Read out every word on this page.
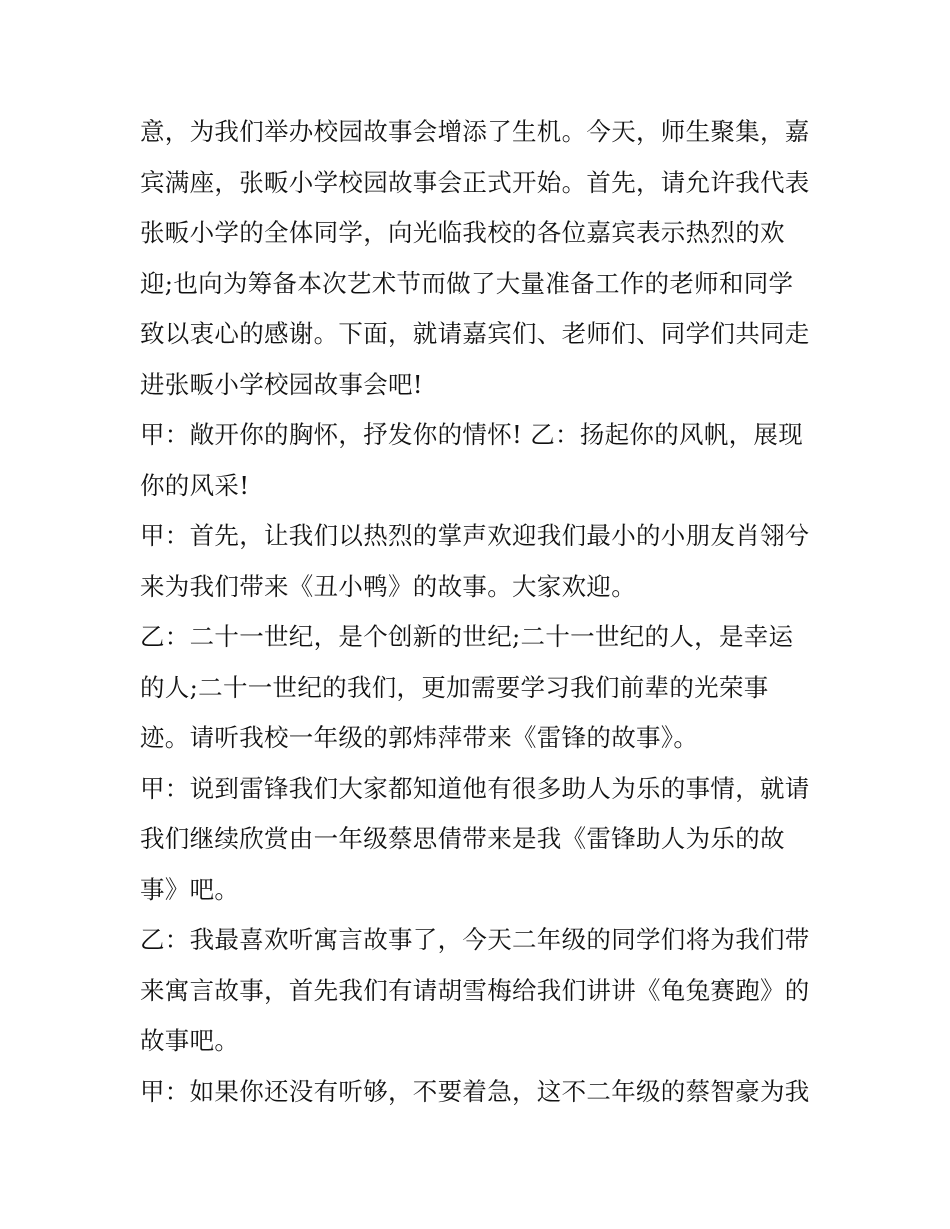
意，为我们举办校园故事会增添了生机。今天，师生聚集，嘉
宾满座，张畈小学校园故事会正式开始。首先，请允许我代表
张畈小学的全体同学，向光临我校的各位嘉宾表示热烈的欢
迎;也向为筹备本次艺术节而做了大量准备工作的老师和同学
致以衷心的感谢。下面，就请嘉宾们、老师们、同学们共同走
进张畈小学校园故事会吧!
甲：敞开你的胸怀，抒发你的情怀! 乙：扬起你的风帆，展现
你的风采!
甲：首先，让我们以热烈的掌声欢迎我们最小的小朋友肖翎兮
来为我们带来《丑小鸭》的故事。大家欢迎。
乙：二十一世纪，是个创新的世纪;二十一世纪的人，是幸运
的人;二十一世纪的我们，更加需要学习我们前辈的光荣事
迹。请听我校一年级的郭炜萍带来《雷锋的故事》。
甲：说到雷锋我们大家都知道他有很多助人为乐的事情，就请
我们继续欣赏由一年级蔡思倩带来是我《雷锋助人为乐的故
事》吧。
乙：我最喜欢听寓言故事了，今天二年级的同学们将为我们带
来寓言故事，首先我们有请胡雪梅给我们讲讲《龟兔赛跑》的
故事吧。
甲：如果你还没有听够，不要着急，这不二年级的蔡智豪为我
